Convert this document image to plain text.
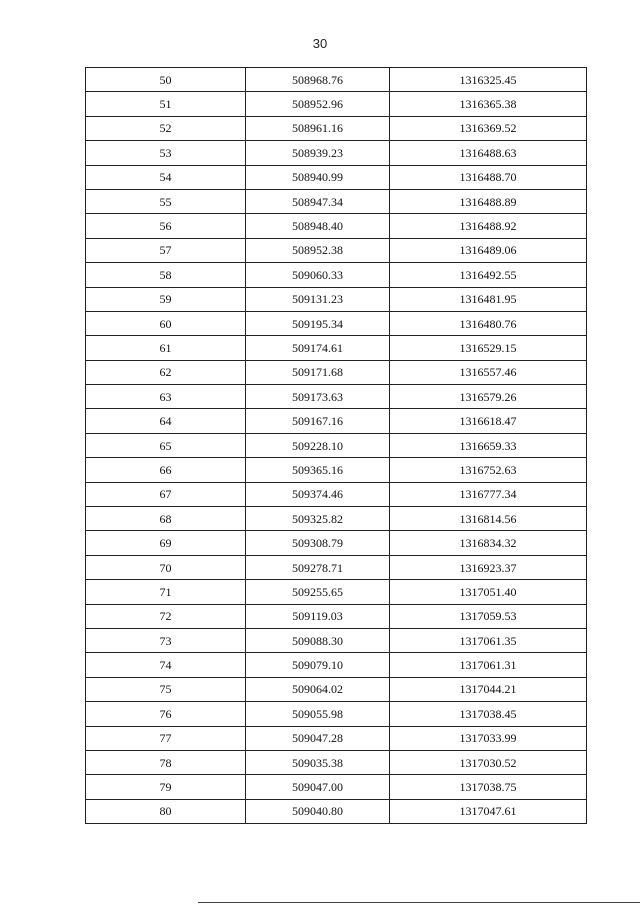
30
50	508968.76	1316325.45
51	508952.96	1316365.38
52	508961.16	1316369.52
53	508939.23	1316488.63
54	508940.99	1316488.70
55	508947.34	1316488.89
56	508948.40	1316488.92
57	508952.38	1316489.06
58	509060.33	1316492.55
59	509131.23	1316481.95
60	509195.34	1316480.76
61	509174.61	1316529.15
62	509171.68	1316557.46
63	509173.63	1316579.26
64	509167.16	1316618.47
65	509228.10	1316659.33
66	509365.16	1316752.63
67	509374.46	1316777.34
68	509325.82	1316814.56
69	509308.79	1316834.32
70	509278.71	1316923.37
71	509255.65	1317051.40
72	509119.03	1317059.53
73	509088.30	1317061.35
74	509079.10	1317061.31
75	509064.02	1317044.21
76	509055.98	1317038.45
77	509047.28	1317033.99
78	509035.38	1317030.52
79	509047.00	1317038.75
80	509040.80	1317047.61
